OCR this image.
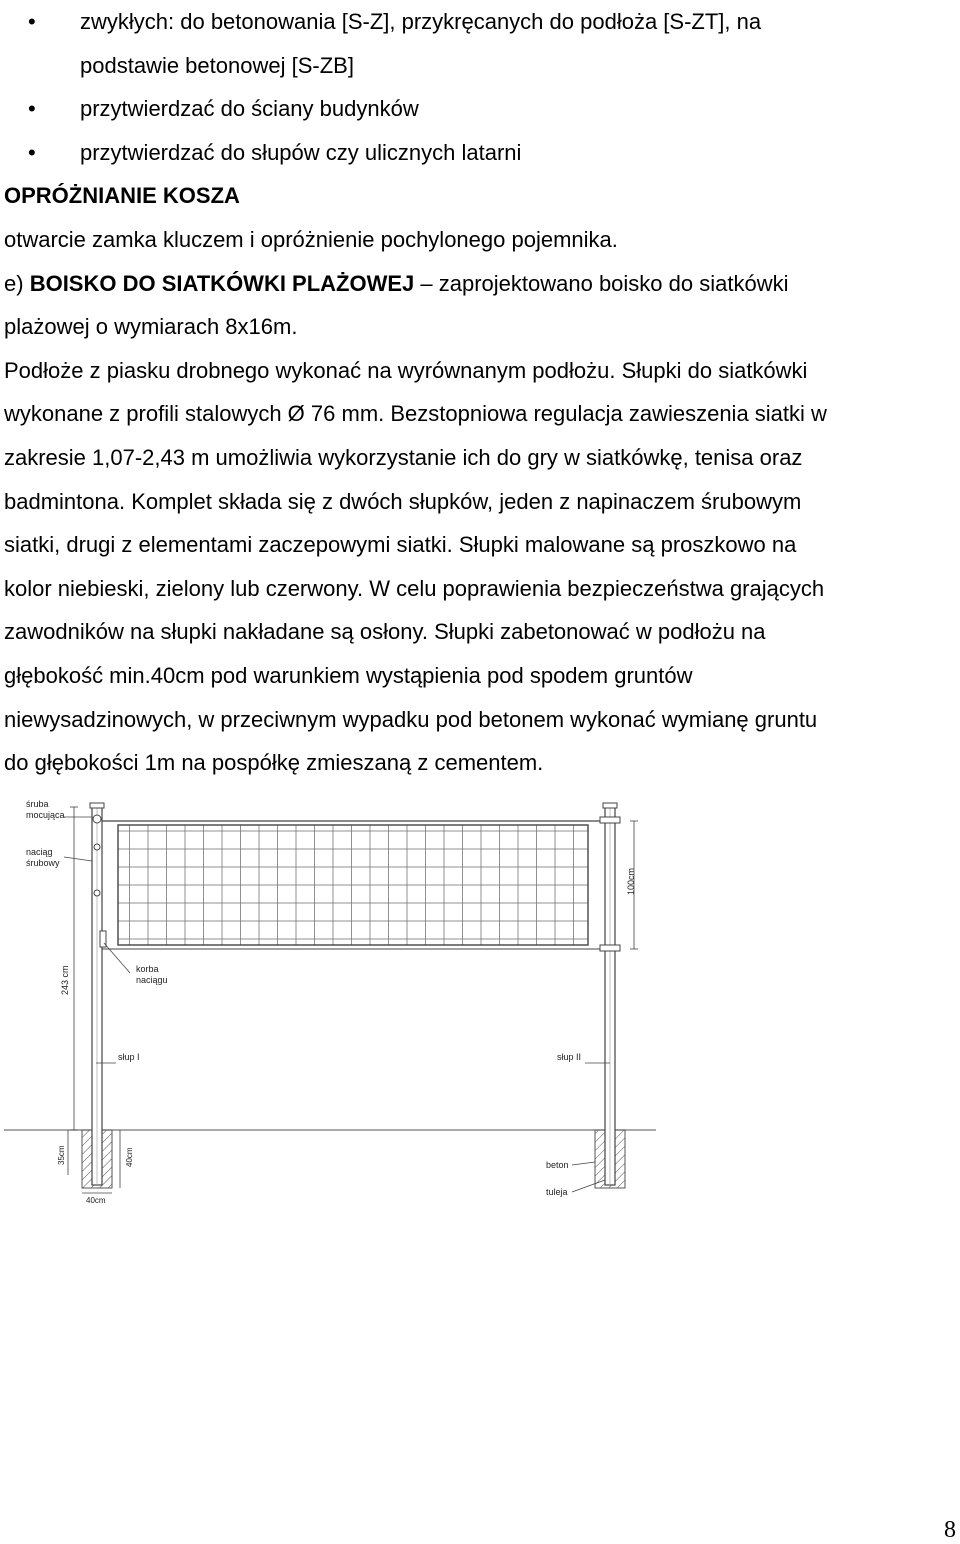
• zwykłych: do betonowania [S-Z], przykręcanych do podłoża [S-ZT], na
podstawie betonowej [S-ZB]
• przytwierdzać do ściany budynków
• przytwierdzać do słupów czy ulicznych latarni
OPRÓŻNIANIE KOSZA
otwarcie zamka kluczem i opróżnienie pochylonego pojemnika.
e) BOISKO DO SIATKÓWKI PLAŻOWEJ – zaprojektowano boisko do siatkówki
plażowej o wymiarach 8x16m.
Podłoże z piasku drobnego wykonać na wyrównanym podłożu. Słupki do siatkówki
wykonane z profili stalowych Ø 76 mm. Bezstopniowa regulacja zawieszenia siatki w
zakresie 1,07-2,43 m umożliwia wykorzystanie ich do gry w siatkówkę, tenisa oraz
badmintona. Komplet składa się z dwóch słupków, jeden z napinaczem śrubowym
siatki, drugi z elementami zaczepowymi siatki. Słupki malowane są proszkowo na
kolor niebieski, zielony lub czerwony. W celu poprawienia bezpieczeństwa grających
zawodników na słupki nakładane są osłony. Słupki zabetonować w podłożu na
głębokość min.40cm pod warunkiem wystąpienia pod spodem gruntów
niewysadzinowych, w przeciwnym wypadku pod betonem wykonać wymianę gruntu
do głębokości 1m na pospółkę zmieszaną z cementem.
śruba
mocująca
naciąg
śrubowy
korba
naciągu
słup I	słup II
beton
tuleja
243 cm
100cm
35cm	40cm
40cm
8
